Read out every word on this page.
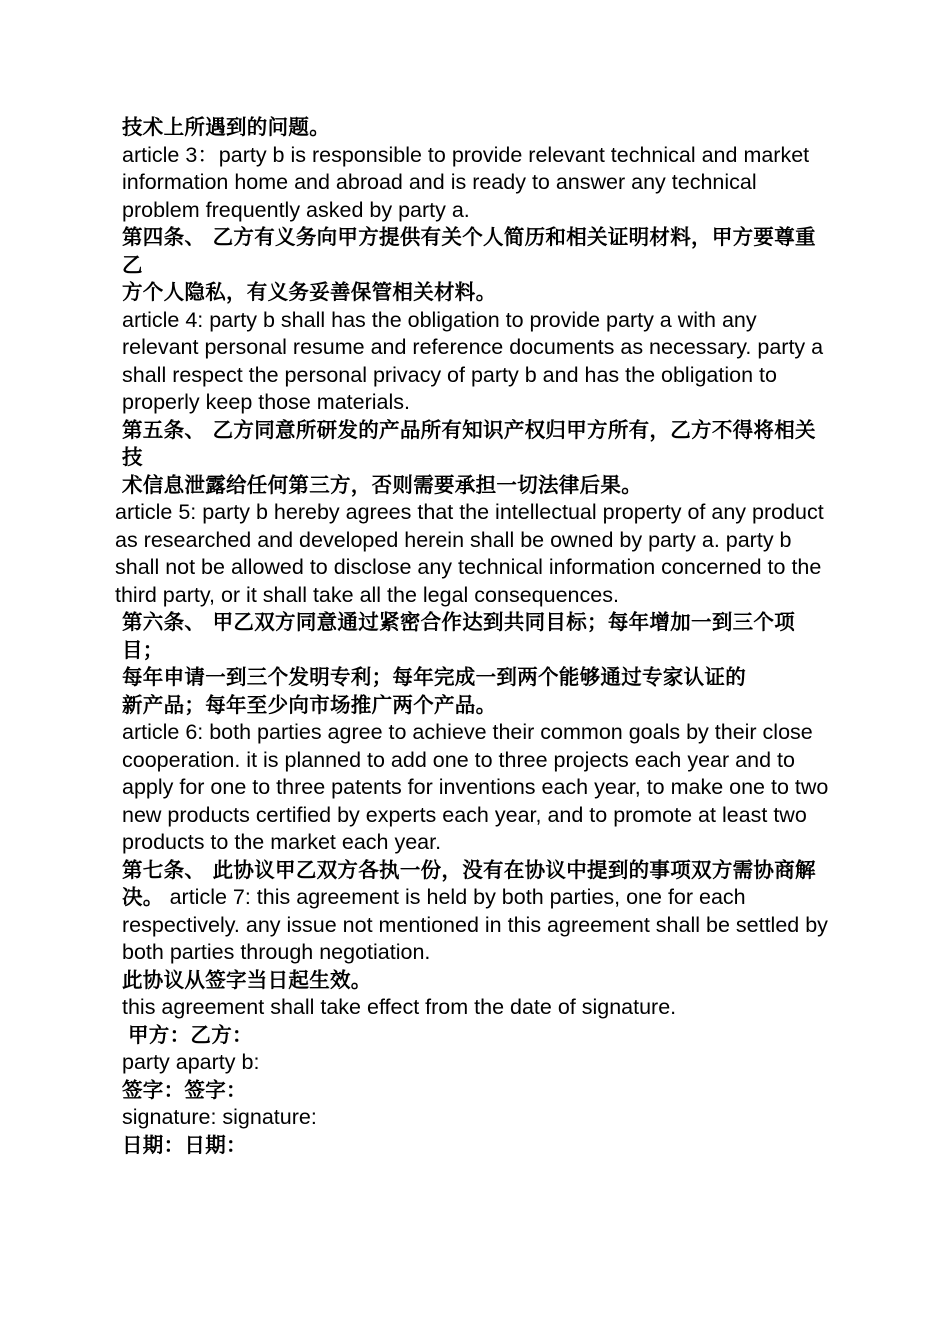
技术上所遇到的问题。

article 3：party b is responsible to provide relevant technical and market information home and abroad and is ready to answer any technical problem frequently asked by party a.

第四条、 乙方有义务向甲方提供有关个人简历和相关证明材料，甲方要尊重乙

方个人隐私，有义务妥善保管相关材料。

article 4: party b shall has the obligation to provide party a with any relevant personal resume and reference documents as necessary. party a shall respect the personal privacy of party b and has the obligation to properly keep those materials.

第五条、 乙方同意所研发的产品所有知识产权归甲方所有，乙方不得将相关技

术信息泄露给任何第三方，否则需要承担一切法律后果。

article 5: party b hereby agrees that the intellectual property of any product as researched and developed herein shall be owned by party a. party b shall not be allowed to disclose any technical information concerned to the third party, or it shall take all the legal consequences.

第六条、 甲乙双方同意通过紧密合作达到共同目标；每年增加一到三个项目；

每年申请一到三个发明专利；每年完成一到两个能够通过专家认证的

新产品；每年至少向市场推广两个产品。

article 6: both parties agree to achieve their common goals by their close cooperation. it is planned to add one to three projects each year and to apply for one to three patents for inventions each year, to make one to two new products certified by experts each year, and to promote at least two products to the market each year.

第七条、 此协议甲乙双方各执一份，没有在协议中提到的事项双方需协商解决。 article 7: this agreement is held by both parties, one for each respectively. any issue not mentioned in this agreement shall be settled by both parties through negotiation.

此协议从签字当日起生效。

this agreement shall take effect from the date of signature.

甲方：乙方：

party aparty b:

签字：签字：

signature: signature:

日期：日期：
